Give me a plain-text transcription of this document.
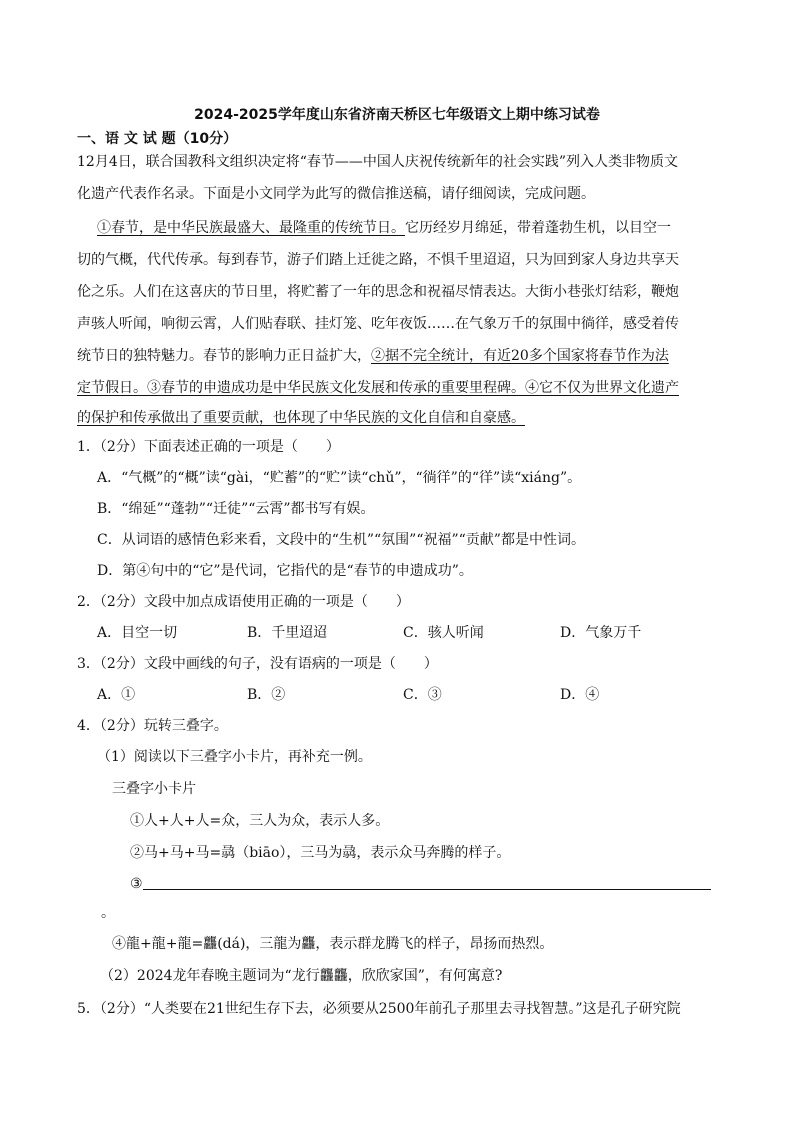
2024-2025学年度山东省济南天桥区七年级语文上期中练习试卷
一、语 文 试 题（10分）
12月4日，联合国教科文组织决定将“春节——中国人庆祝传统新年的社会实践”列入人类非物质文
化遗产代表作名录。下面是小文同学为此写的微信推送稿，请仔细阅读，完成问题。
①春节，是中华民族最盛大、最隆重的传统节日。它历经岁月绵延，带着蓬勃生机，以目空一
切的气概，代代传承。每到春节，游子们踏上迁徙之路，不惧千里迢迢，只为回到家人身边共享天
伦之乐。人们在这喜庆的节日里，将贮蓄了一年的思念和祝福尽情表达。大街小巷张灯结彩，鞭炮
声骇人听闻，响彻云霄，人们贴春联、挂灯笼、吃年夜饭……在气象万千的氛围中徜徉，感受着传
统节日的独特魅力。春节的影响力正日益扩大，②据不完全统计，有近20多个国家将春节作为法
定节假日。③春节的申遗成功是中华民族文化发展和传承的重要里程碑。④它不仅为世界文化遗产
的保护和传承做出了重要贡献，也体现了中华民族的文化自信和自豪感。
1．（2分）下面表述正确的一项是（　　）
A．“气概”的“概”读“gài，“贮蓄”的“贮”读“chǔ”，“徜徉”的“徉”读“xiáng”。
B．“绵延”“蓬勃”“迁徒”“云霄”都书写有娱。
C．从词语的感情色彩来看，文段中的“生机”“氛围”“祝福”“贡献”都是中性词。
D．第④句中的“它”是代词，它指代的是“春节的申遗成功”。
2．（2分）文段中加点成语使用正确的一项是（　　）
A．目空一切	B．千里迢迢	C．骇人听闻	D．气象万千
3．（2分）文段中画线的句子，没有语病的一项是（　　）
A．①	B．②	C．③	D．④
4．（2分）玩转三叠字。
（1）阅读以下三叠字小卡片，再补充一例。
三叠字小卡片
①人+人+人=众，三人为众，表示人多。
②马+马+马=骉（biāo），三马为骉，表示众马奔腾的样子。
③
。
④龍+龍+龍=龘(dá)，三龍为龘，表示群龙腾飞的样子，昂扬而热烈。
（2）2024龙年春晚主题词为“龙行龘龘，欣欣家国”，有何寓意?
5．（2分）“人类要在21世纪生存下去，必须要从2500年前孔子那里去寻找智慧。”这是孔子研究院
